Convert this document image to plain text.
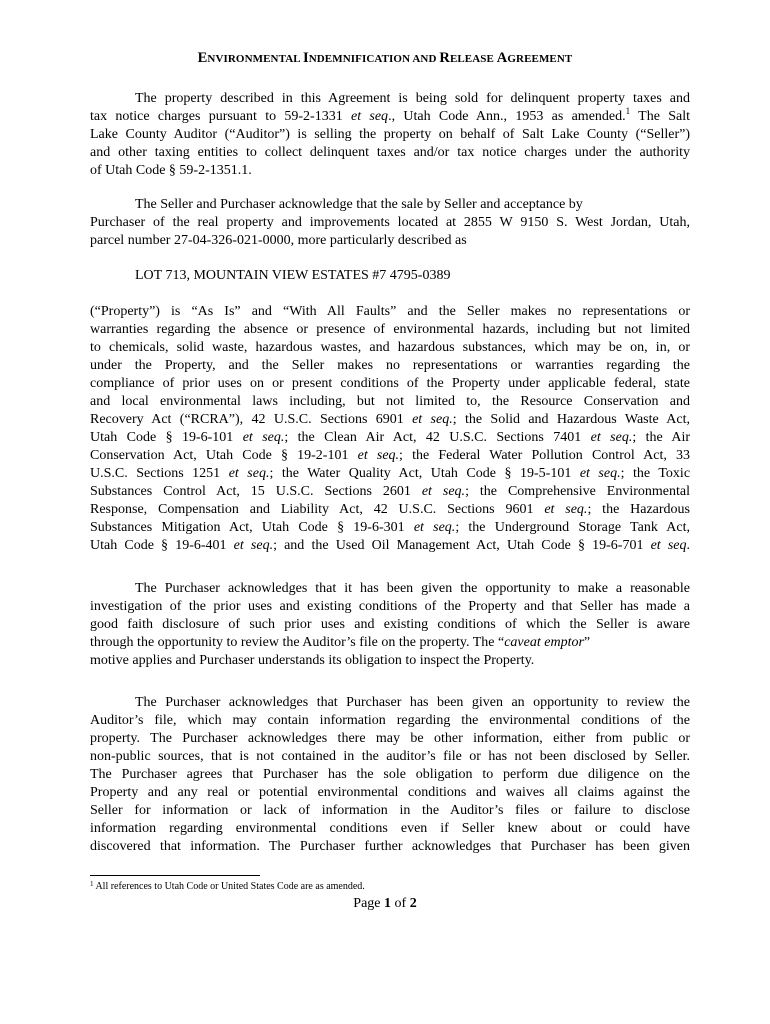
ENVIRONMENTAL INDEMNIFICATION AND RELEASE AGREEMENT
The property described in this Agreement is being sold for delinquent property taxes and
tax notice charges pursuant to 59-2-1331 et seq., Utah Code Ann., 1953 as amended.$^1$ The Salt
Lake County Auditor (“Auditor”) is selling the property on behalf of Salt Lake County (“Seller”)
and other taxing entities to collect delinquent taxes and/or tax notice charges under the authority
of Utah Code § 59-2-1351.1.
The Seller and Purchaser acknowledge that the sale by Seller and acceptance by
Purchaser of the real property and improvements located at 2855 W 9150 S. West Jordan, Utah,
parcel number 27-04-326-021-0000, more particularly described as
LOT 713, MOUNTAIN VIEW ESTATES #7 4795-0389
(“Property”) is “As Is” and “With All Faults” and the Seller makes no representations or
warranties regarding the absence or presence of environmental hazards, including but not limited
to chemicals, solid waste, hazardous wastes, and hazardous substances, which may be on, in, or
under the Property, and the Seller makes no representations or warranties regarding the
compliance of prior uses on or present conditions of the Property under applicable federal, state
and local environmental laws including, but not limited to, the Resource Conservation and
Recovery Act (“RCRA”), 42 U.S.C. Sections 6901 et seq.; the Solid and Hazardous Waste Act,
Utah Code § 19-6-101 et seq.; the Clean Air Act, 42 U.S.C. Sections 7401 et seq.; the Air
Conservation Act, Utah Code § 19-2-101 et seq.; the Federal Water Pollution Control Act, 33
U.S.C. Sections 1251 et seq.; the Water Quality Act, Utah Code § 19-5-101 et seq.; the Toxic
Substances Control Act, 15 U.S.C. Sections 2601 et seq.; the Comprehensive Environmental
Response, Compensation and Liability Act, 42 U.S.C. Sections 9601 et seq.; the Hazardous
Substances Mitigation Act, Utah Code § 19-6-301 et seq.; the Underground Storage Tank Act,
Utah Code § 19-6-401 et seq.; and the Used Oil Management Act, Utah Code § 19-6-701 et seq.
The Purchaser acknowledges that it has been given the opportunity to make a reasonable
investigation of the prior uses and existing conditions of the Property and that Seller has made a
good faith disclosure of such prior uses and existing conditions of which the Seller is aware
through the opportunity to review the Auditor’s file on the property. The “caveat emptor”
motive applies and Purchaser understands its obligation to inspect the Property.
The Purchaser acknowledges that Purchaser has been given an opportunity to review the
Auditor’s file, which may contain information regarding the environmental conditions of the
property. The Purchaser acknowledges there may be other information, either from public or
non-public sources, that is not contained in the auditor’s file or has not been disclosed by Seller.
The Purchaser agrees that Purchaser has the sole obligation to perform due diligence on the
Property and any real or potential environmental conditions and waives all claims against the
Seller for information or lack of information in the Auditor’s files or failure to disclose
information regarding environmental conditions even if Seller knew about or could have
discovered that information. The Purchaser further acknowledges that Purchaser has been given
$^1$ All references to Utah Code or United States Code are as amended.
Page 1 of 2
